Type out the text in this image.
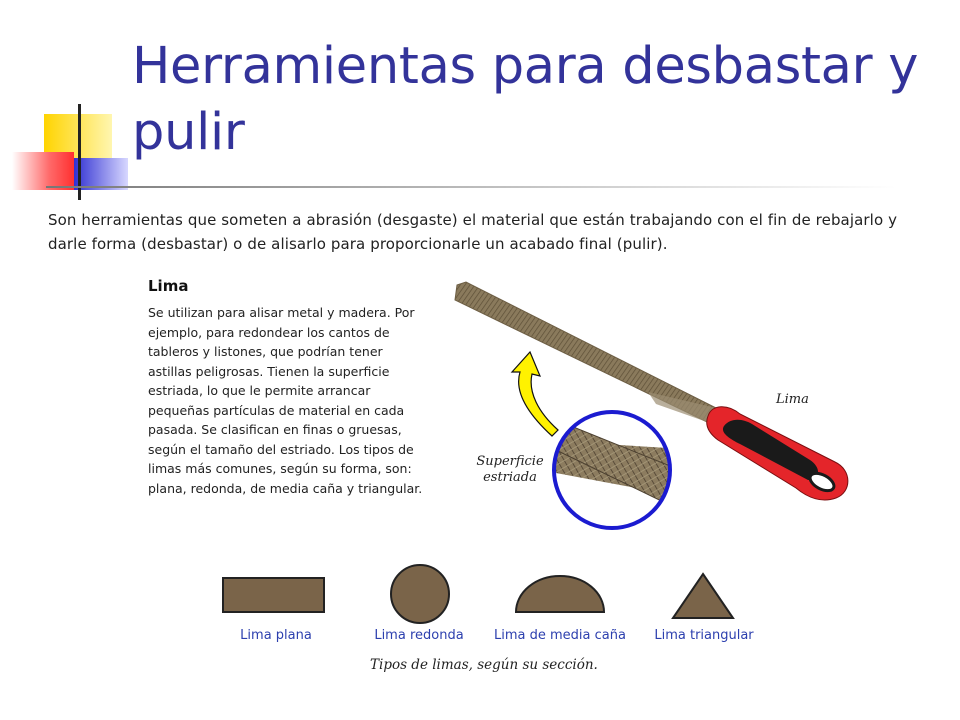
Herramientas para desbastar y pulir
Son herramientas que someten a abrasión (desgaste) el material que están trabajando con el fin de rebajarlo y darle forma (desbastar) o de alisarlo para proporcionarle un acabado final (pulir).
Lima
Se utilizan para alisar metal y madera. Por ejemplo, para redondear los cantos de tableros y listones, que podrían tener astillas peligrosas. Tienen la superficie estriada, lo que le permite arrancar pequeñas partículas de material en cada pasada. Se clasifican en finas o gruesas, según el tamaño del estriado. Los tipos de limas más comunes, según su forma, son: plana, redonda, de media caña y triangular.
Lima
Superficie
estriada
Lima plana	Lima redonda Lima de media caña Lima triangular
Tipos de limas, según su sección.
